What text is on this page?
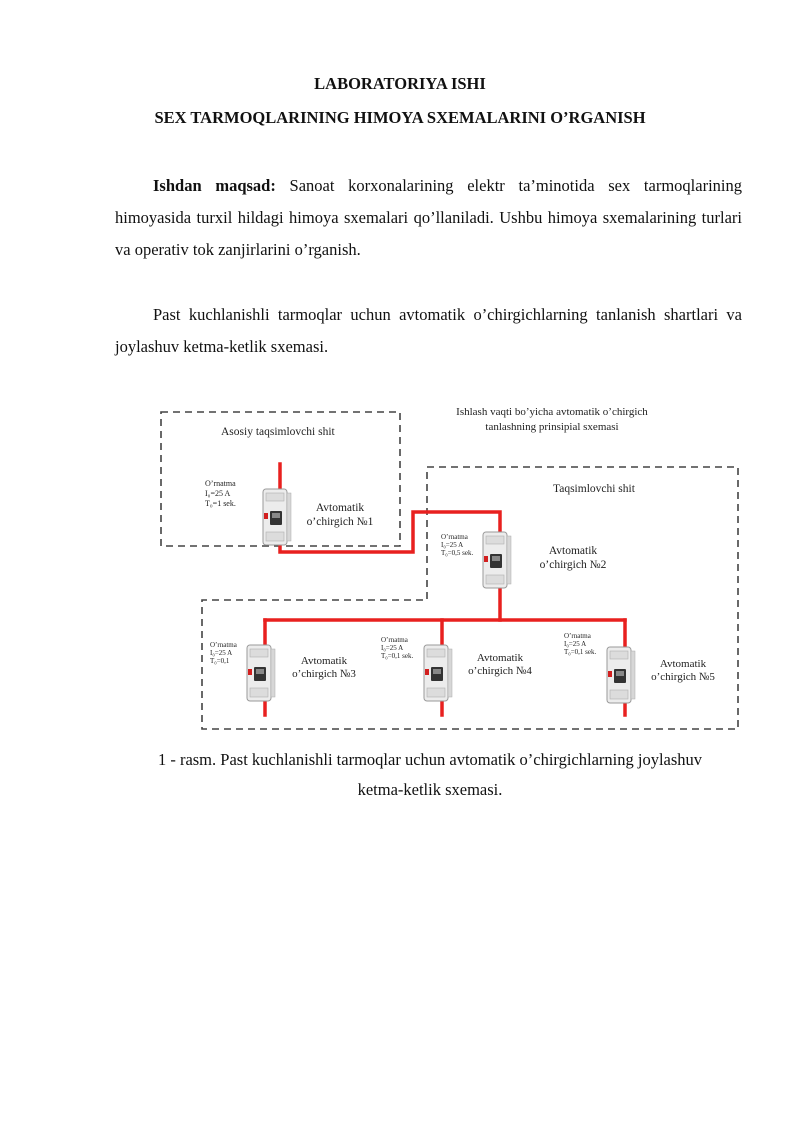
LABORATORIYA ISHI
SEX TARMOQLARINING HIMOYA SXEMALARINI O’RGANISH

Ishdan maqsad: Sanoat korxonalarining elektr ta’minotida sex tarmoqlarining himoyasida turxil hildagi himoya sxemalari qo’llaniladi. Ushbu himoya sxemalarining turlari va operativ tok zanjirlarini o’rganish.

Past kuchlanishli tarmoqlar uchun avtomatik o’chirgichlarning tanlanish shartlari va joylashuv ketma-ketlik sxemasi.

Asosiy taqsimlovchi shit
Ishlash vaqti bo’yicha avtomatik o’chirgich
tanlashning prinsipial sxemasi
Taqsimlovchi shit
O’rnatma
I₀=25 A
T₀=1 sek.	Avtomatik
o’chirgich №1
O’rnatma
I₀=25 A
T₀=0,5 sek.	Avtomatik
o’chirgich №2
O’rnatma
I₀=25 A
T₀=0,1	Avtomatik
o’chirgich №3
O’rnatma
I₀=25 A
T₀=0,1 sek.	Avtomatik
o’chirgich №4
O’rnatma
I₀=25 A
T₀=0,1 sek.
Avtomatik
o’chirgich №5
1 - rasm. Past kuchlanishli tarmoqlar uchun avtomatik o’chirgichlarning joylashuv
ketma-ketlik sxemasi.
